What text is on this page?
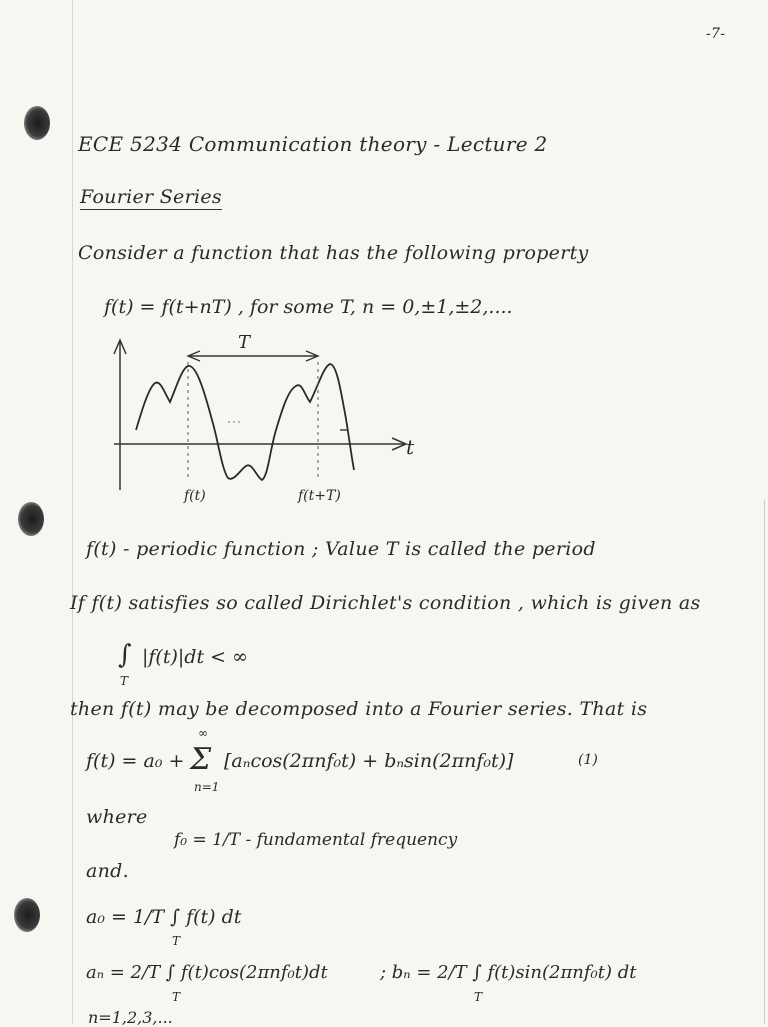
-7-
ECE 5234 Communication theory - Lecture 2
Fourier Series
Consider a function that has the following property
f(t) = f(t+nT) , for some T, n = 0,±1,±2,....
t
T
f(t)	f(t+T)
f(t) - periodic function ; Value T is called the period
If f(t) satisfies so called Dirichlet's condition , which is given as
∫ |f(t)|dt < ∞
T
then f(t) may be decomposed into a Fourier series. That is
∞
f(t) = a₀ + Σ [aₙcos(2πnf₀t) + bₙsin(2πnf₀t)]
n=1
(1)
where
f₀ = 1/T - fundamental frequency
and.
a₀ = 1/T ∫ f(t) dt
T
aₙ = 2/T ∫ f(t)cos(2πnf₀t)dt
T
; bₙ = 2/T ∫ f(t)sin(2πnf₀t) dt
T
n=1,2,3,...
